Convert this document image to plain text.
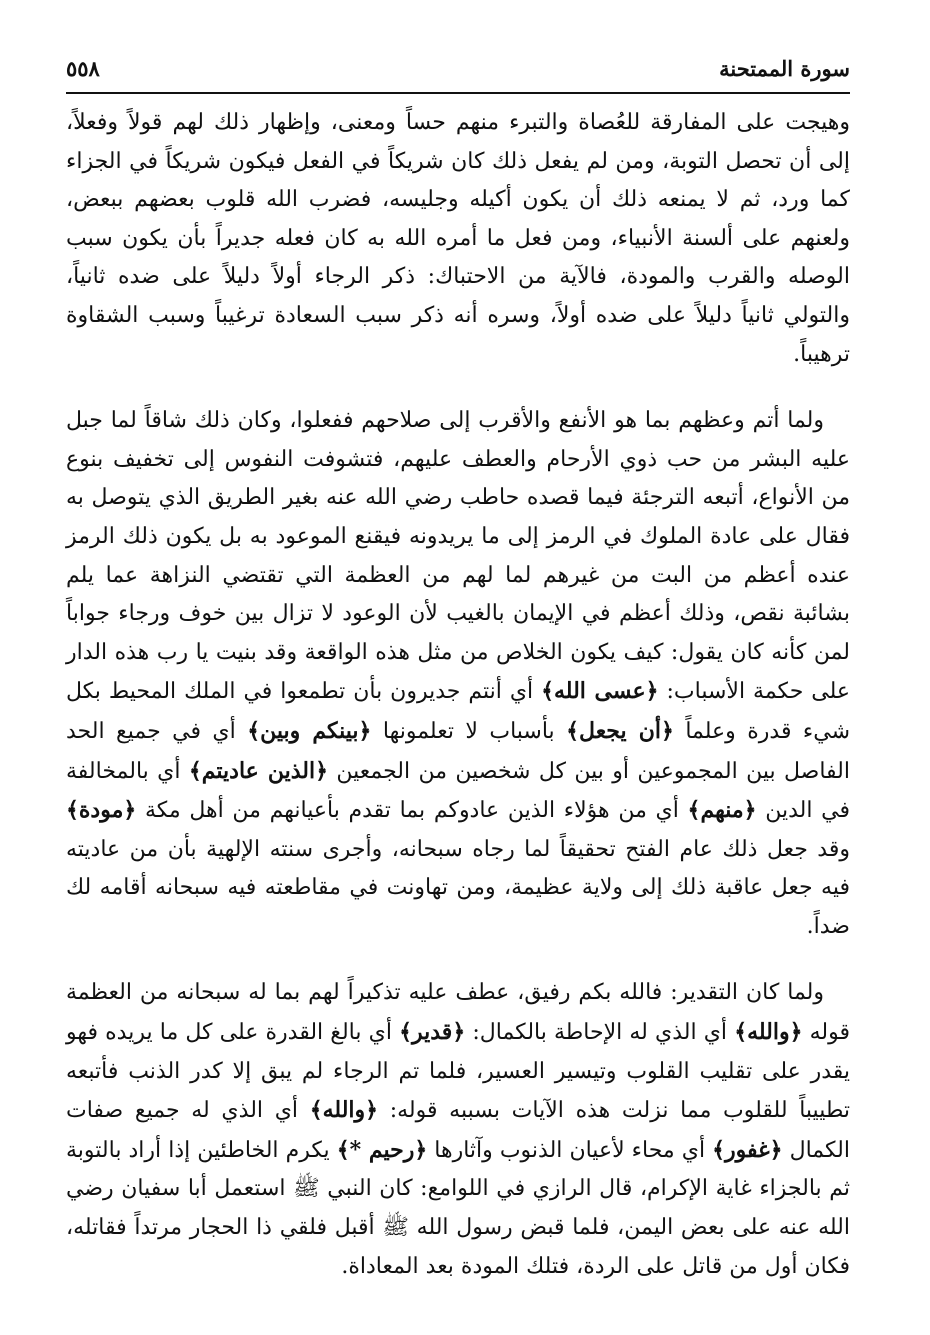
سورة الممتحنة
٥٥٨

وهيجت على المفارقة للعُصاة والتبرء منهم حساً ومعنى، وإظهار ذلك لهم قولاً وفعلاً، إلى أن تحصل التوبة، ومن لم يفعل ذلك كان شريكاً في الفعل فيكون شريكاً في الجزاء كما ورد، ثم لا يمنعه ذلك أن يكون أكيله وجليسه، فضرب الله قلوب بعضهم ببعض، ولعنهم على ألسنة الأنبياء، ومن فعل ما أمره الله به كان فعله جديراً بأن يكون سبب الوصله والقرب والمودة، فالآية من الاحتباك: ذكر الرجاء أولاً دليلاً على ضده ثانياً، والتولي ثانياً دليلاً على ضده أولاً، وسره أنه ذكر سبب السعادة ترغيباً وسبب الشقاوة ترهيباً.

ولما أتم وعظهم بما هو الأنفع والأقرب إلى صلاحهم ففعلوا، وكان ذلك شاقاً لما جبل عليه البشر من حب ذوي الأرحام والعطف عليهم، فتشوفت النفوس إلى تخفيف بنوع من الأنواع، أتبعه الترجئة فيما قصده حاطب رضي الله عنه بغير الطريق الذي يتوصل به فقال على عادة الملوك في الرمز إلى ما يريدونه فيقنع الموعود به بل يكون ذلك الرمز عنده أعظم من البت من غيرهم لما لهم من العظمة التي تقتضي النزاهة عما يلم بشائبة نقص، وذلك أعظم في الإيمان بالغيب لأن الوعود لا تزال بين خوف ورجاء جواباً لمن كأنه كان يقول: كيف يكون الخلاص من مثل هذه الواقعة وقد بنيت يا رب هذه الدار على حكمة الأسباب: ﴿عسى الله﴾ أي أنتم جديرون بأن تطمعوا في الملك المحيط بكل شيء قدرة وعلماً ﴿أن يجعل﴾ بأسباب لا تعلمونها ﴿بينكم وبين﴾ أي في جميع الحد الفاصل بين المجموعين أو بين كل شخصين من الجمعين ﴿الذين عاديتم﴾ أي بالمخالفة في الدين ﴿منهم﴾ أي من هؤلاء الذين عادوكم بما تقدم بأعيانهم من أهل مكة ﴿مودة﴾ وقد جعل ذلك عام الفتح تحقيقاً لما رجاه سبحانه، وأجرى سنته الإلهية بأن من عاديته فيه جعل عاقبة ذلك إلى ولاية عظيمة، ومن تهاونت في مقاطعته فيه سبحانه أقامه لك ضداً.

ولما كان التقدير: فالله بكم رفيق، عطف عليه تذكيراً لهم بما له سبحانه من العظمة قوله ﴿والله﴾ أي الذي له الإحاطة بالكمال: ﴿قدير﴾ أي بالغ القدرة على كل ما يريده فهو يقدر على تقليب القلوب وتيسير العسير، فلما تم الرجاء لم يبق إلا كدر الذنب فأتبعه تطييباً للقلوب مما نزلت هذه الآيات بسببه قوله: ﴿والله﴾ أي الذي له جميع صفات الكمال ﴿غفور﴾ أي محاء لأعيان الذنوب وآثارها ﴿رحيم *﴾ يكرم الخاطئين إذا أراد بالتوبة ثم بالجزاء غاية الإكرام، قال الرازي في اللوامع: كان النبي ﷺ استعمل أبا سفيان رضي الله عنه على بعض اليمن، فلما قبض رسول الله ﷺ أقبل فلقي ذا الحجار مرتداً فقاتله، فكان أول من قاتل على الردة، فتلك المودة بعد المعاداة.
